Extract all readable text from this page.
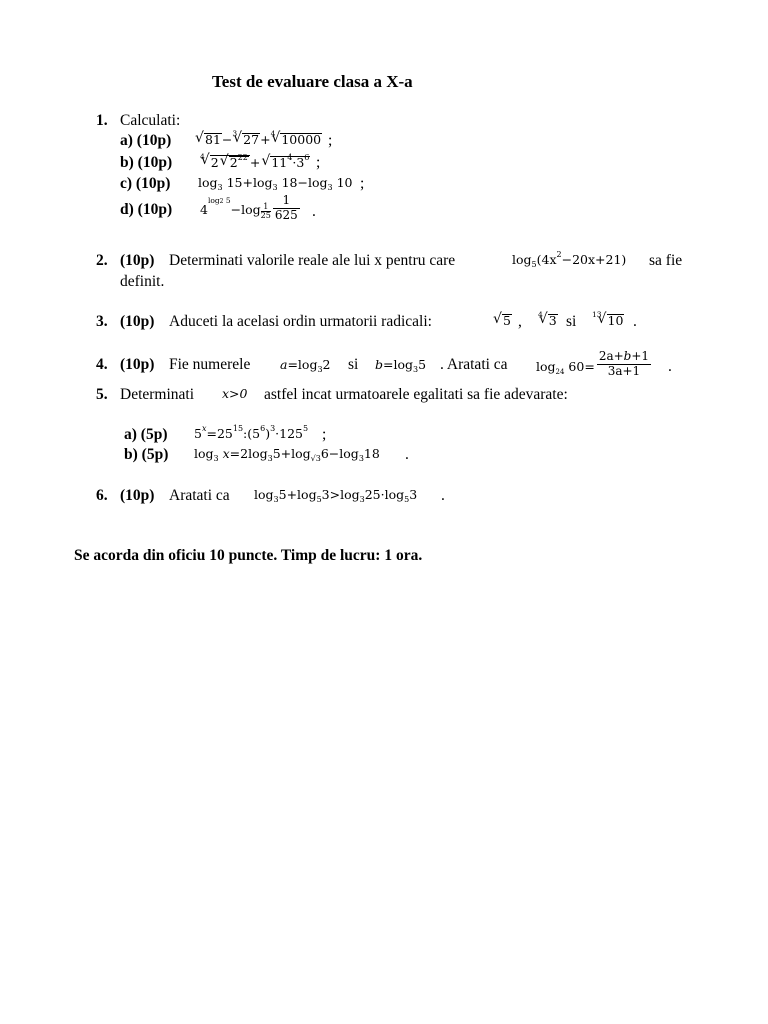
Test de evaluare clasa a X-a
1. Calculati:
a) (10p)	√ 81−$^3$ √ 27+$^4$ √ 10000 ;
b) (10p)	$^4$ √ 2 √ $2^{22}$ + √ $11^4\cdot 3^6$ ;
c) (10p) $\log_3 15+\log_3$ $18-\log_3$ 10 ;
d) (10p) $4^{log2 5}-\log \frac{1}{25} \frac{1}{625}$ .
2. (10p) Determinati valorile reale ale lui x pentru care	$\log_5(4x^2-20x+21)$ sa fie
definit.
3. (10p) Aduceti la acelasi ordin urmatorii radicali:	√ 5 , $^4$ √ 3 si $^{13}$ √ 10 .
4. (10p) Fie numerele $a=\log_32$ si $b=\log_35$ . Aratati ca $\log_{24} 60= \frac{2a+b+1}{3a+1}$ .
5. Determinati x>0 astfel incat urmatoarele egalitati sa fie adevarate:
a) (5p) $5^x=25^{15}:(5^6)^3\cdot 125^5$ ;
b) (5p) $\log_3 x=2\log_35+\log_{√3}6-\log_318$ .
6. (10p) Aratati ca $\log_35+\log_53>\log_325\cdot\log_53$ .
Se acorda din oficiu 10 puncte. Timp de lucru: 1 ora.
